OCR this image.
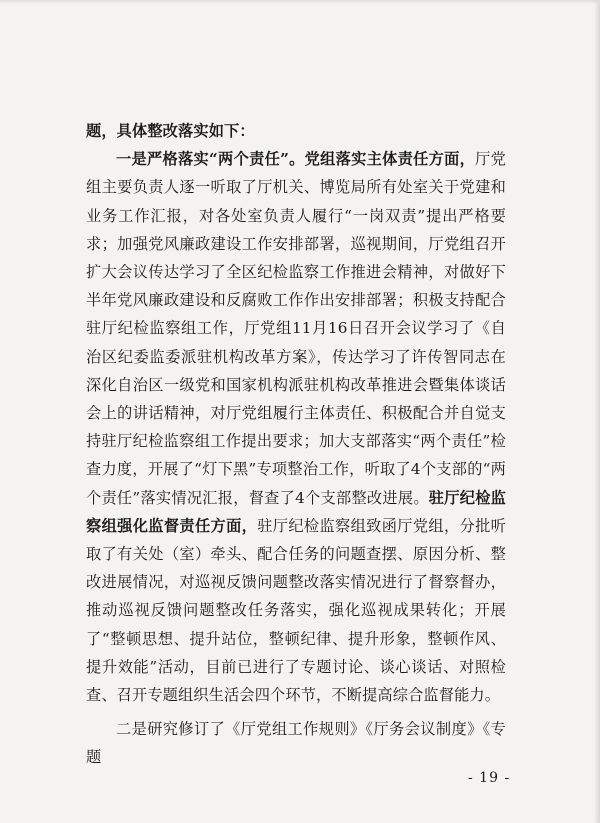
题，具体整改落实如下：

一是严格落实“两个责任”。党组落实主体责任方面，厅党组主要负责人逐一听取了厅机关、博览局所有处室关于党建和业务工作汇报，对各处室负责人履行“一岗双责”提出严格要求；加强党风廉政建设工作安排部署，巡视期间，厅党组召开扩大会议传达学习了全区纪检监察工作推进会精神，对做好下半年党风廉政建设和反腐败工作作出安排部署；积极支持配合驻厅纪检监察组工作，厅党组11月16日召开会议学习了《自治区纪委监委派驻机构改革方案》，传达学习了许传智同志在深化自治区一级党和国家机构派驻机构改革推进会暨集体谈话会上的讲话精神，对厅党组履行主体责任、积极配合并自觉支持驻厅纪检监察组工作提出要求；加大支部落实“两个责任”检查力度，开展了“灯下黑”专项整治工作，听取了4个支部的“两个责任”落实情况汇报，督查了4个支部整改进展。驻厅纪检监察组强化监督责任方面，驻厅纪检监察组致函厅党组，分批听取了有关处（室）牵头、配合任务的问题查摆、原因分析、整改进展情况，对巡视反馈问题整改落实情况进行了督察督办，推动巡视反馈问题整改任务落实，强化巡视成果转化；开展了“整顿思想、提升站位，整顿纪律、提升形象，整顿作风、提升效能”活动，目前已进行了专题讨论、谈心谈话、对照检查、召开专题组织生活会四个环节，不断提高综合监督能力。

二是研究修订了《厅党组工作规则》《厅务会议制度》《专题

- 19 -
